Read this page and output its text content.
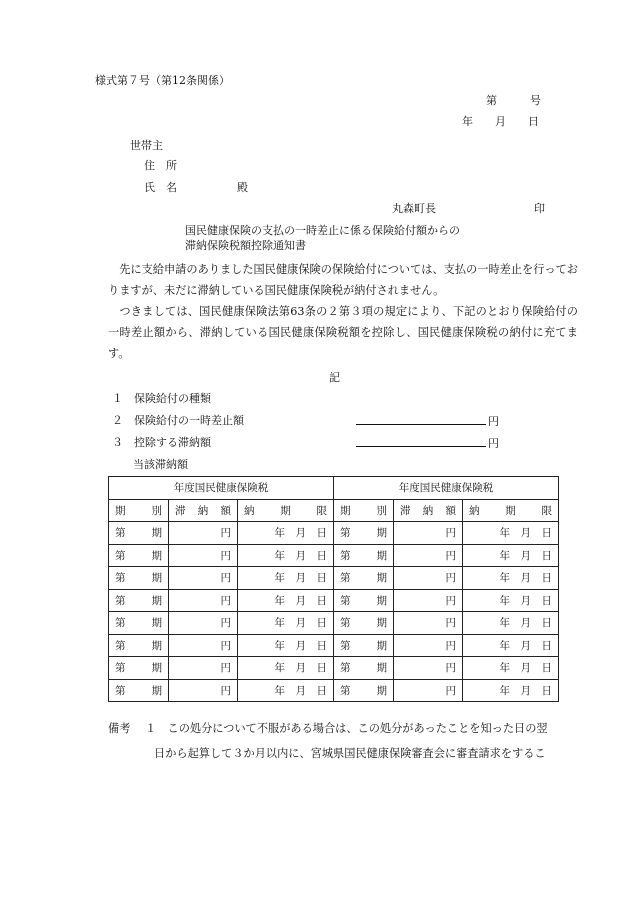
様式第７号（第12条関係）
第　　　号
年　　月　　日
世帯主
住　所
氏　名	殿
丸森町長	印
国民健康保険の支払の一時差止に係る保険給付額からの
滞納保険税額控除通知書
　先に支給申請のありました国民健康保険の保険給付については、支払の一時差止を行っておりますが、未だに滞納している国民健康保険税が納付されません。
　つきましては、国民健康保険法第63条の２第３項の規定により、下記のとおり保険給付の一時差止額から、滞納している国民健康保険税額を控除し、国民健康保険税の納付に充てます。
記
１　 保険給付の種類
２　 保険給付の一時差止額	円
３　 控除する滞納額	円
当該滞納額
年度国民健康保険税			年度国民健康保険税		
期　別	滞納額	納期限	期　別	滞納額	納期限
第　 期	円	年　月　日	第　 期	円	年　月　日
第　 期	円	年　月　日	第　 期	円	年　月　日
第　 期	円	年　月　日	第　 期	円	年　月　日
第　 期	円	年　月　日	第　 期	円	年　月　日
第　 期	円	年　月　日	第　 期	円	年　月　日
第　 期	円	年　月　日	第　 期	円	年　月　日
第　 期	円	年　月　日	第　 期	円	年　月　日
第　 期	円	年　月　日	第　 期	円	年　月　日
備考　 １　 この処分について不服がある場合は、この処分があったことを知った日の翌
日から起算して３か月以内に、宮城県国民健康保険審査会に審査請求をするこ
